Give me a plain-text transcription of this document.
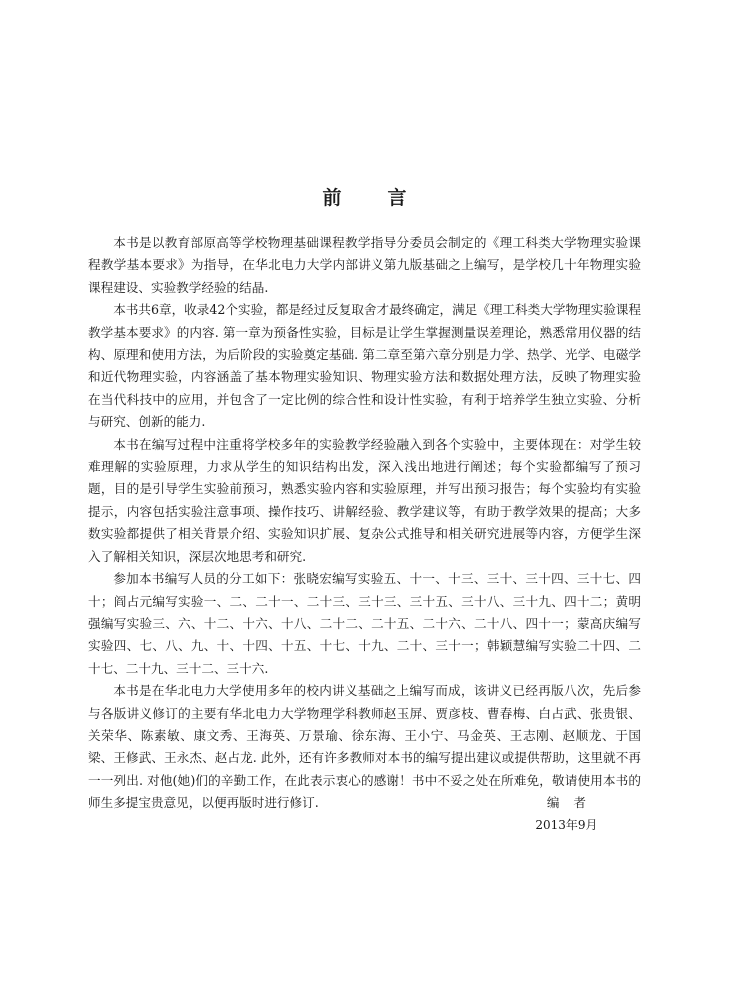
前言

本书是以教育部原高等学校物理基础课程教学指导分委员会制定的《理工科类大学物理实验课程教学基本要求》为指导，在华北电力大学内部讲义第九版基础之上编写，是学校几十年物理实验课程建设、实验教学经验的结晶.

本书共6章，收录42个实验，都是经过反复取舍才最终确定，满足《理工科类大学物理实验课程教学基本要求》的内容. 第一章为预备性实验，目标是让学生掌握测量误差理论，熟悉常用仪器的结构、原理和使用方法，为后阶段的实验奠定基础. 第二章至第六章分别是力学、热学、光学、电磁学和近代物理实验，内容涵盖了基本物理实验知识、物理实验方法和数据处理方法，反映了物理实验在当代科技中的应用，并包含了一定比例的综合性和设计性实验，有利于培养学生独立实验、分析与研究、创新的能力.

本书在编写过程中注重将学校多年的实验教学经验融入到各个实验中，主要体现在：对学生较难理解的实验原理，力求从学生的知识结构出发，深入浅出地进行阐述；每个实验都编写了预习题，目的是引导学生实验前预习，熟悉实验内容和实验原理，并写出预习报告；每个实验均有实验提示，内容包括实验注意事项、操作技巧、讲解经验、教学建议等，有助于教学效果的提高；大多数实验都提供了相关背景介绍、实验知识扩展、复杂公式推导和相关研究进展等内容，方便学生深入了解相关知识，深层次地思考和研究.

参加本书编写人员的分工如下：张晓宏编写实验五、十一、十三、三十、三十四、三十七、四十；阎占元编写实验一、二、二十一、二十三、三十三、三十五、三十八、三十九、四十二；黄明强编写实验三、六、十二、十六、十八、二十二、二十五、二十六、二十八、四十一；蒙高庆编写实验四、七、八、九、十、十四、十五、十七、十九、二十、三十一；韩颖慧编写实验二十四、二十七、二十九、三十二、三十六.

本书是在华北电力大学使用多年的校内讲义基础之上编写而成，该讲义已经再版八次，先后参与各版讲义修订的主要有华北电力大学物理学科教师赵玉屏、贾彦枝、曹春梅、白占武、张贵银、关荣华、陈素敏、康文秀、王海英、万景瑜、徐东海、王小宁、马金英、王志刚、赵顺龙、于国梁、王修武、王永杰、赵占龙. 此外，还有许多教师对本书的编写提出建议或提供帮助，这里就不再一一列出. 对他(她)们的辛勤工作，在此表示衷心的感谢！书中不妥之处在所难免，敬请使用本书的师生多提宝贵意见，以便再版时进行修订.	编者
2013年9月
